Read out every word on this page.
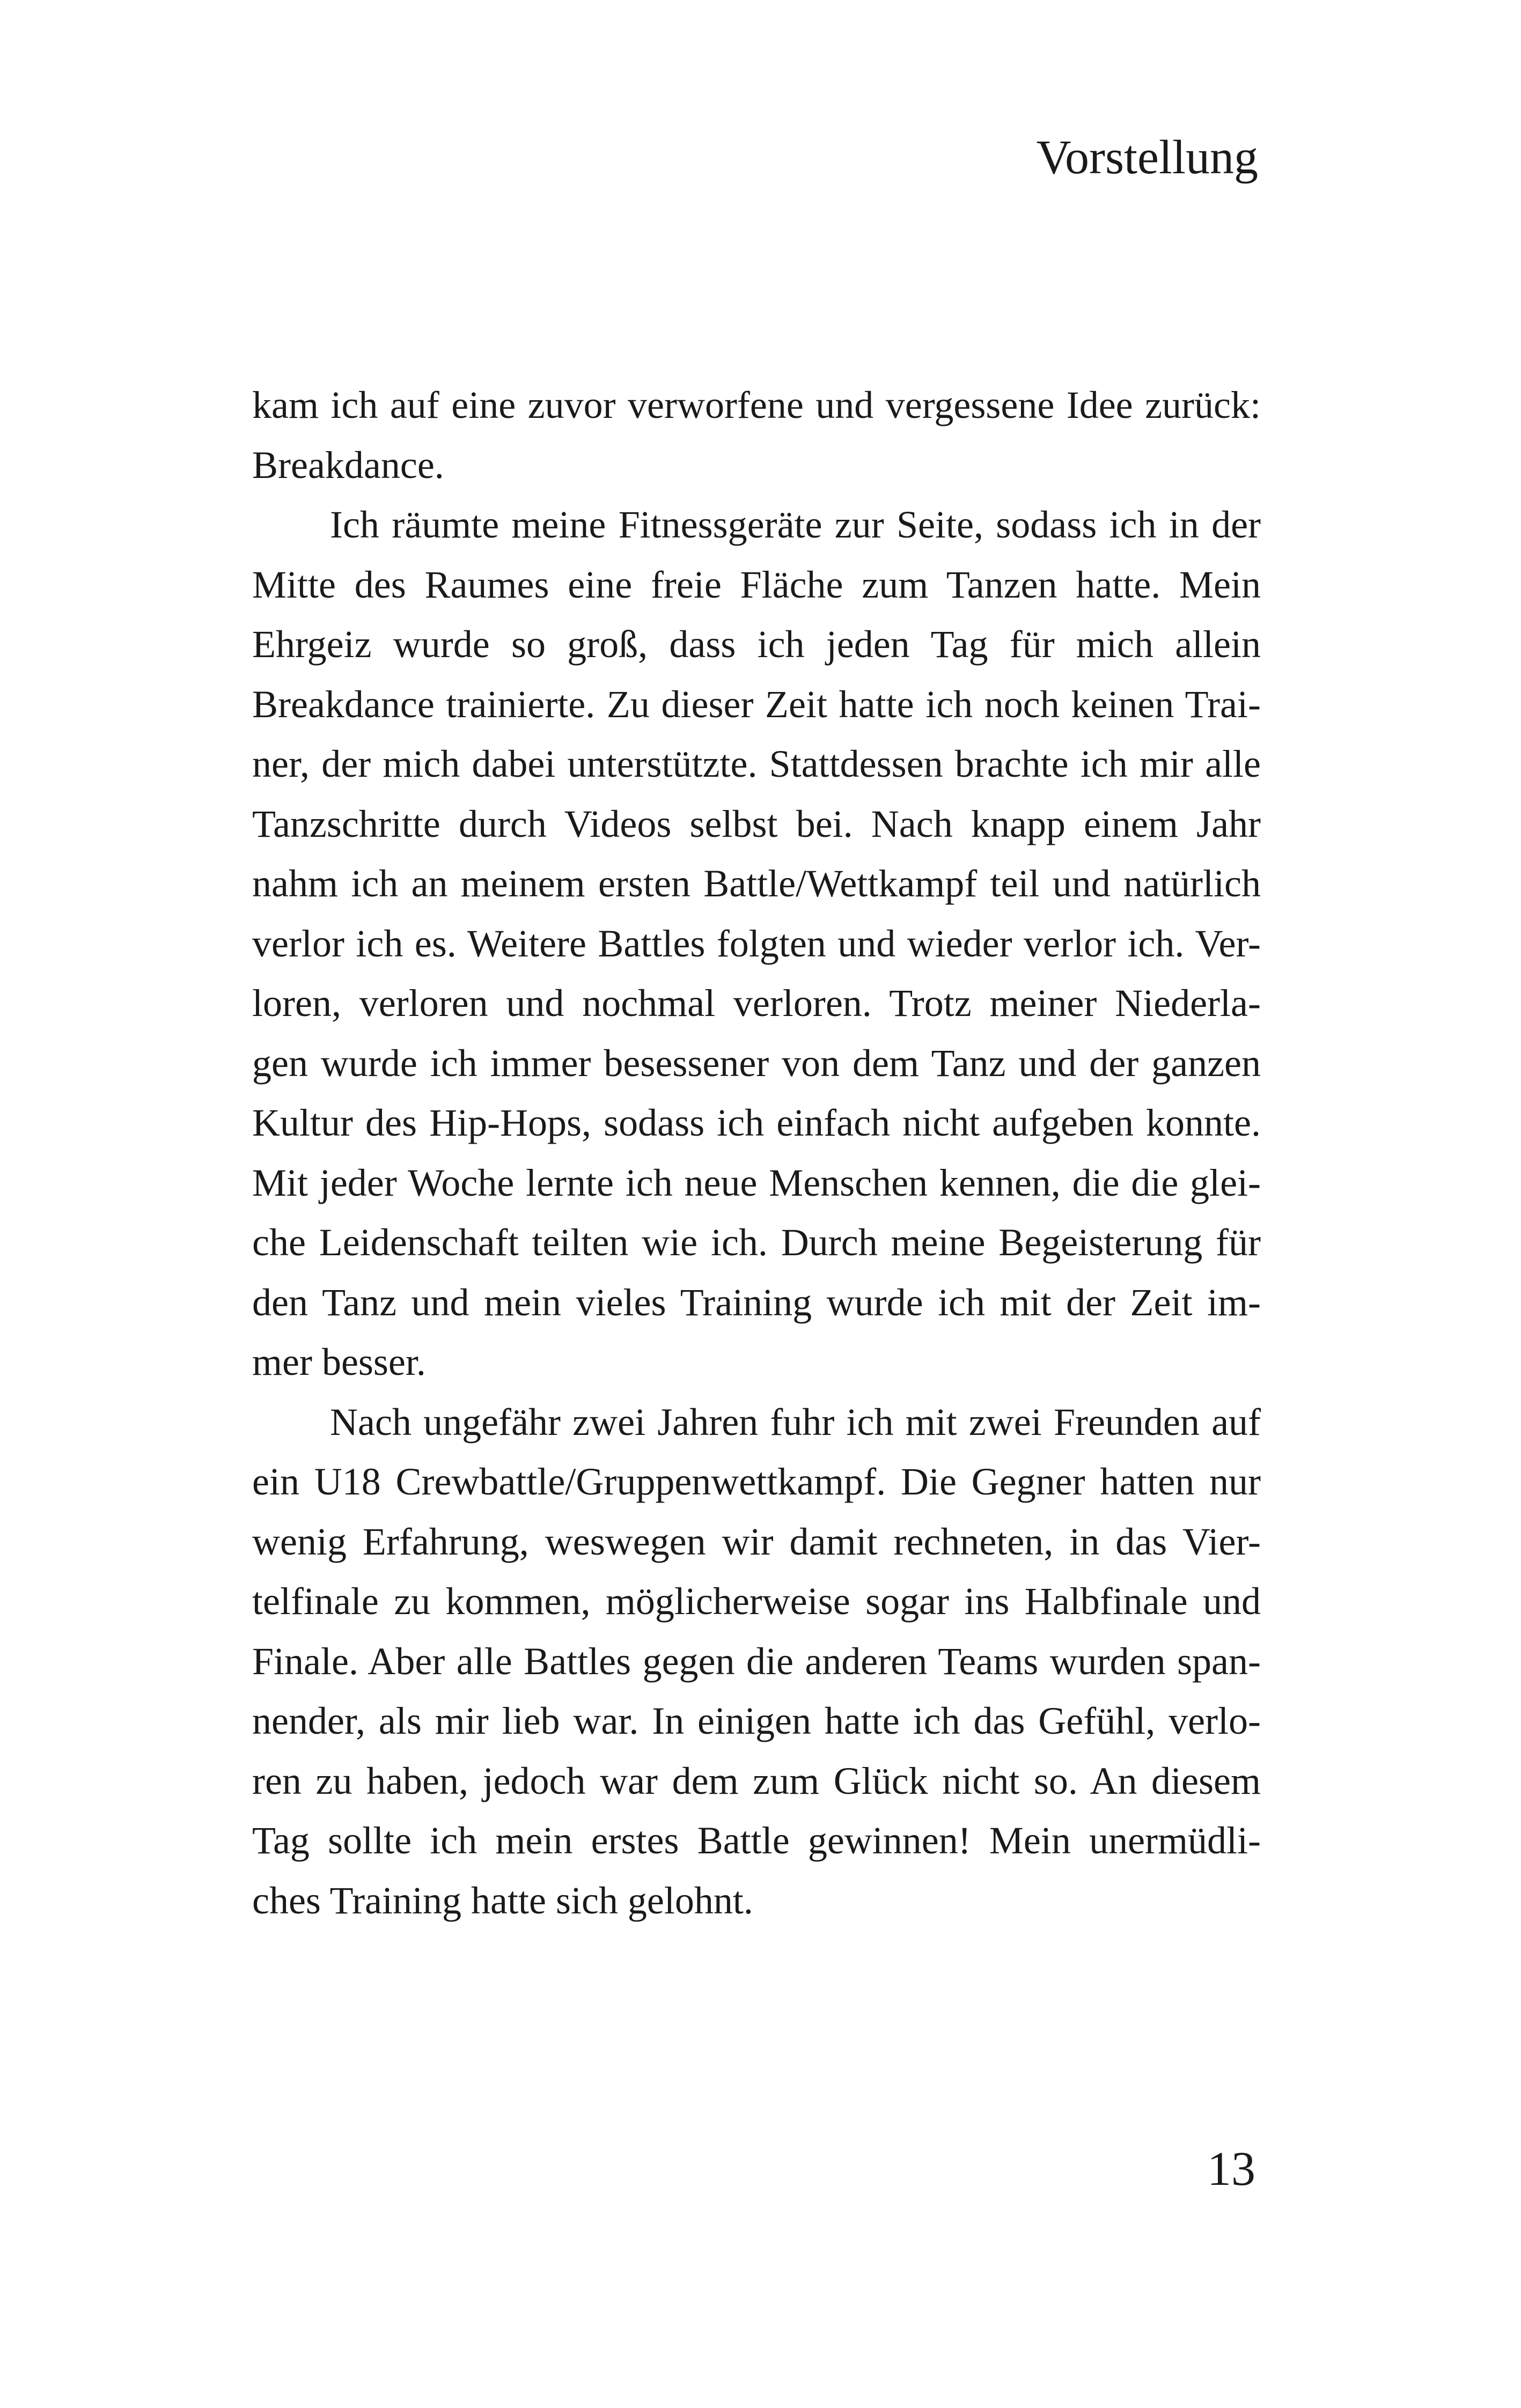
Vorstellung
kam ich auf eine zuvor verworfene und vergessene Idee zurück:
Breakdance.
Ich räumte meine Fitnessgeräte zur Seite, sodass ich in der
Mitte des Raumes eine freie Fläche zum Tanzen hatte. Mein
Ehrgeiz wurde so groß, dass ich jeden Tag für mich allein
Breakdance trainierte. Zu dieser Zeit hatte ich noch keinen Trai-
ner, der mich dabei unterstützte. Stattdessen brachte ich mir alle
Tanzschritte durch Videos selbst bei. Nach knapp einem Jahr
nahm ich an meinem ersten Battle/Wettkampf teil und natürlich
verlor ich es. Weitere Battles folgten und wieder verlor ich. Ver-
loren, verloren und nochmal verloren. Trotz meiner Niederla-
gen wurde ich immer besessener von dem Tanz und der ganzen
Kultur des Hip-Hops, sodass ich einfach nicht aufgeben konnte.
Mit jeder Woche lernte ich neue Menschen kennen, die die glei-
che Leidenschaft teilten wie ich. Durch meine Begeisterung für
den Tanz und mein vieles Training wurde ich mit der Zeit im-
mer besser.
Nach ungefähr zwei Jahren fuhr ich mit zwei Freunden auf
ein U18 Crewbattle/Gruppenwettkampf. Die Gegner hatten nur
wenig Erfahrung, weswegen wir damit rechneten, in das Vier-
telfinale zu kommen, möglicherweise sogar ins Halbfinale und
Finale. Aber alle Battles gegen die anderen Teams wurden span-
nender, als mir lieb war. In einigen hatte ich das Gefühl, verlo-
ren zu haben, jedoch war dem zum Glück nicht so. An diesem
Tag sollte ich mein erstes Battle gewinnen! Mein unermüdli-
ches Training hatte sich gelohnt.
13
